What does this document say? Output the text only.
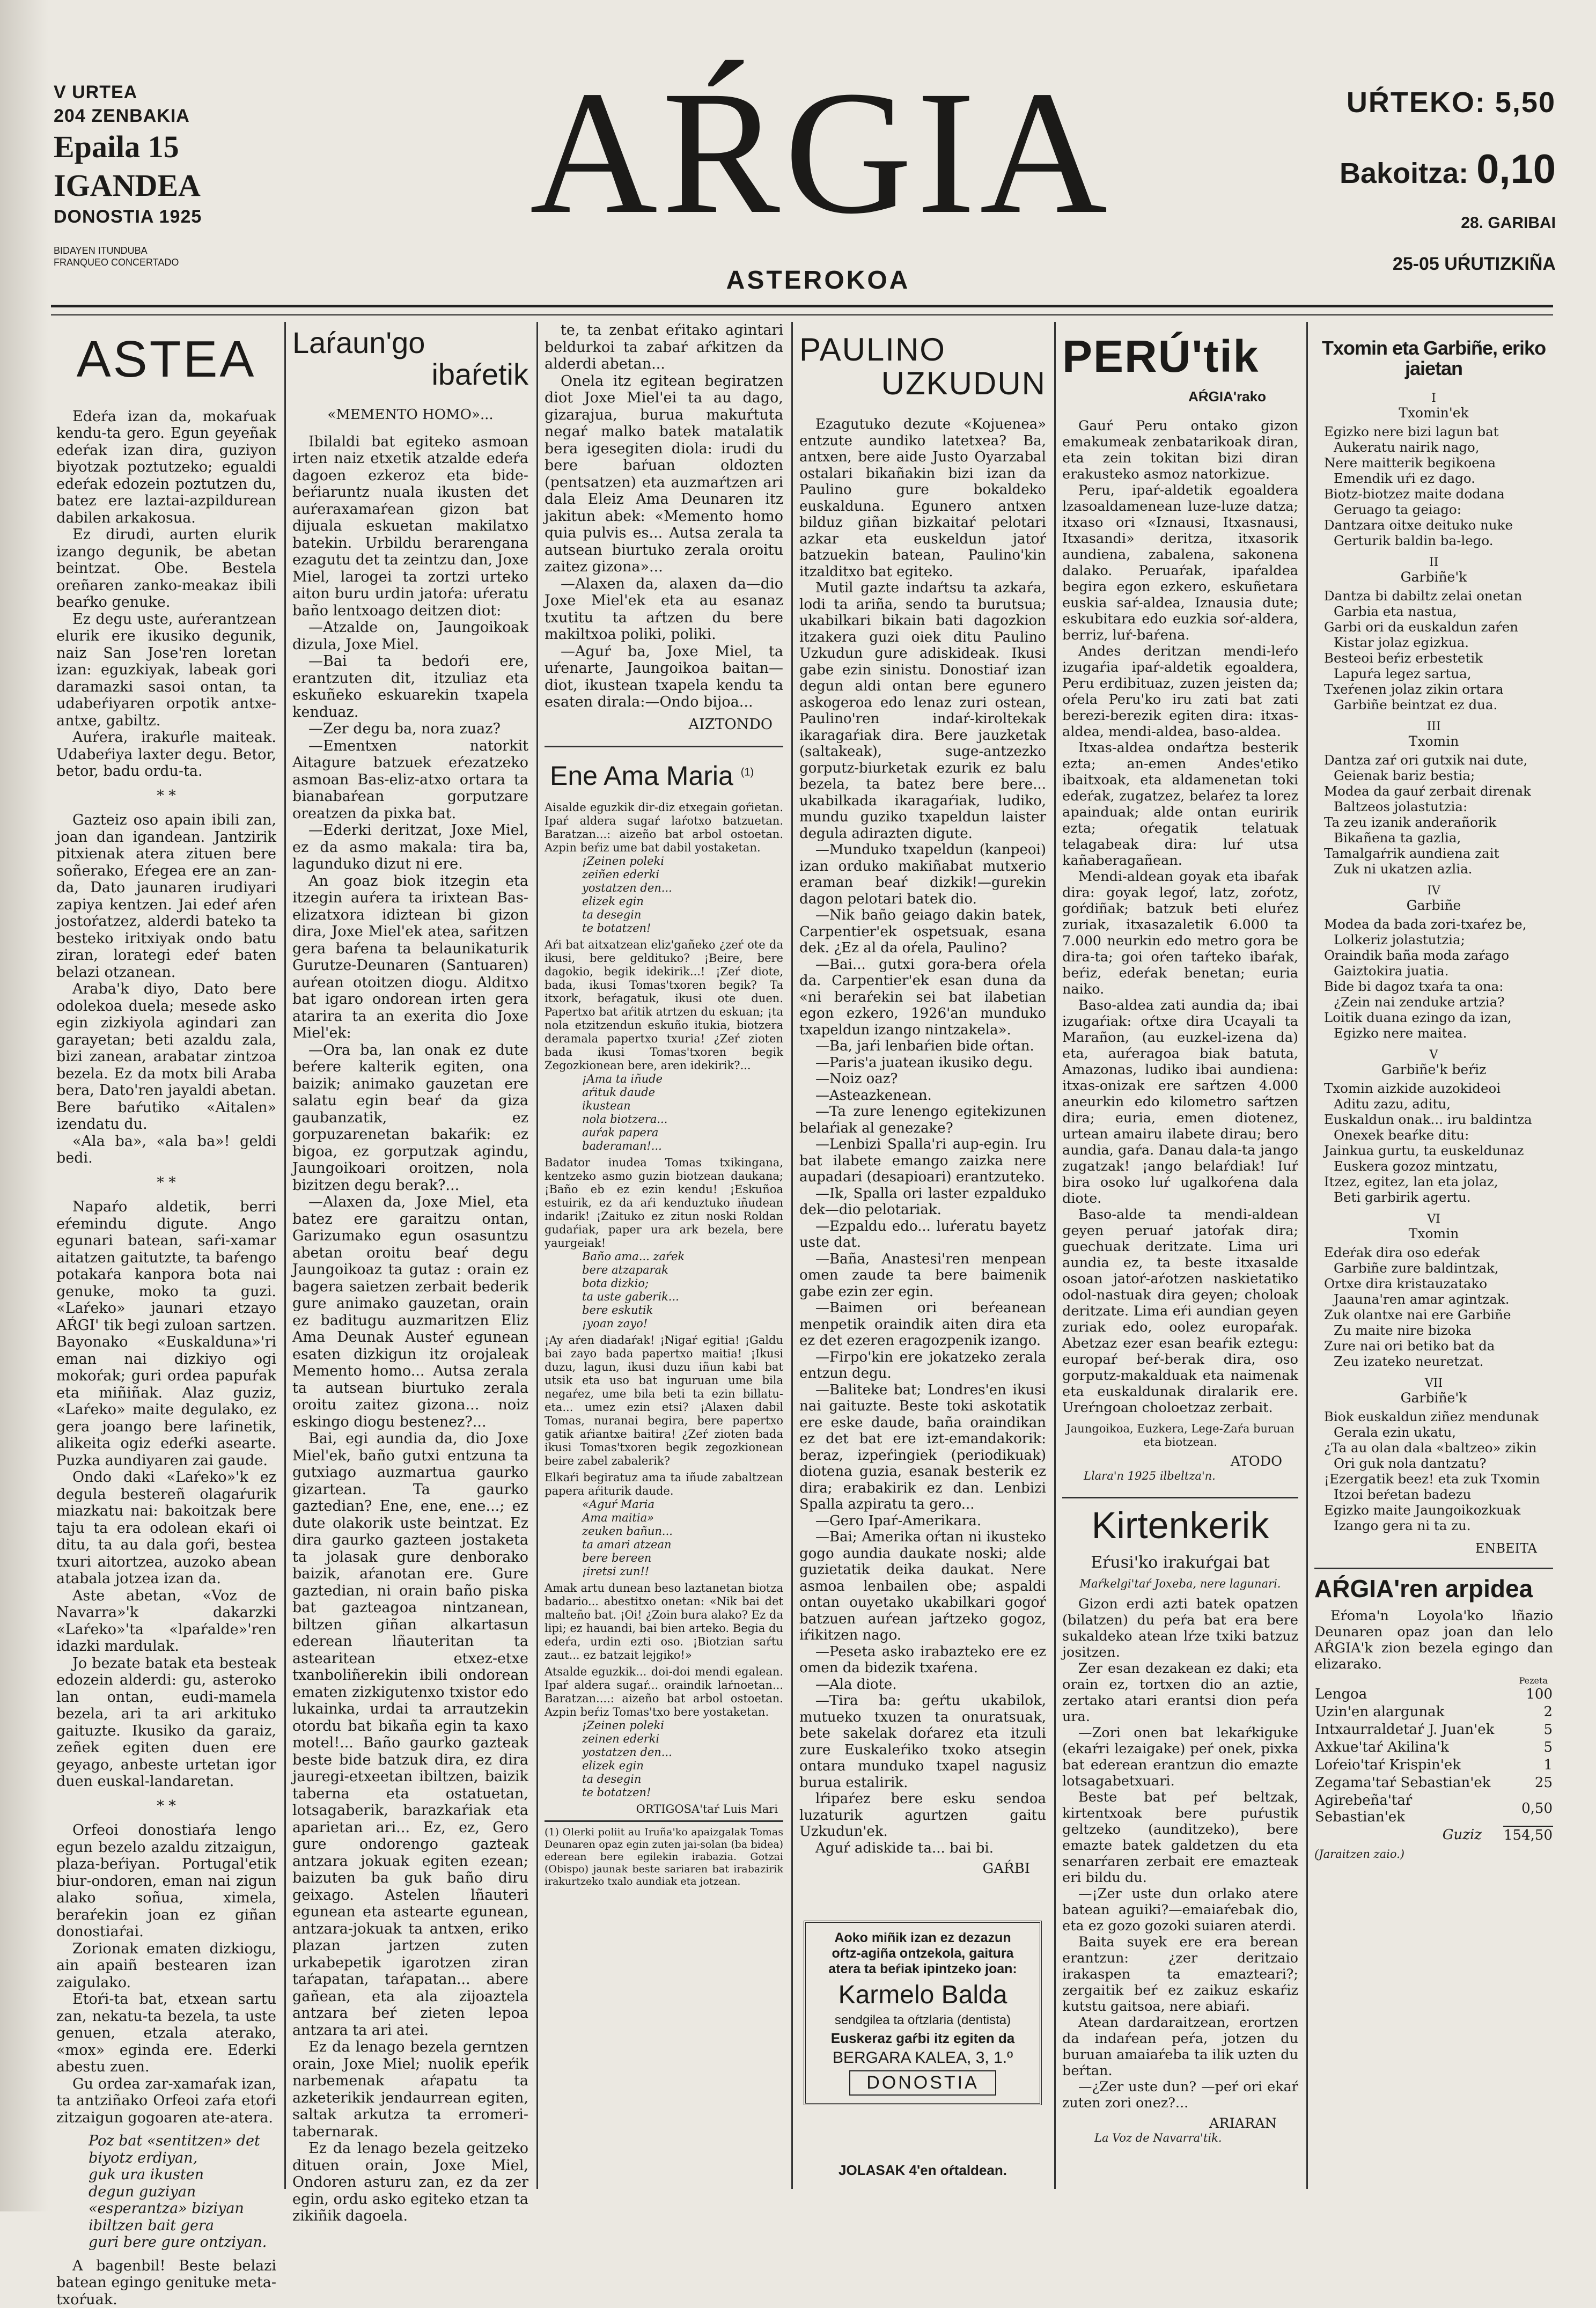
V URTEA
204 ZENBAKIA
Epaila 15
IGANDEA
DONOSTIA 1925
BIDAYEN ITUNDUBA
FRANQUEO CONCERTADO
AŔGIA
ASTEROKOA
UŔTEKO: 5,50
Bakoitza: 0,10
28. GARIBAI
25-05 UŔUTIZKIÑA
ASTEA

Edeŕa izan da, mokaŕuak kendu-ta gero. Egun geyeñak edeŕak izan dira, guziyon biyotzak poztutzeko; egualdi edeŕak edozein poztutzen du, batez ere laztai-azpildurean dabilen arkakosua.

Ez dirudi, aurten elurik izango degunik, be abetan beintzat. Obe. Bestela oreñaren zanko-meakaz ibili beaŕko genuke.

Ez degu uste, auŕerantzean elurik ere ikusiko degunik, naiz San Jose'ren loretan izan: eguzkiyak, labeak gori daramazki sasoi ontan, ta udabeŕiyaren orpotik antxe-antxe, gabiltz.

Auŕera, irakuŕle maiteak. Udabeŕiya laxter degu. Betor, betor, badu ordu-ta.

* *

Gazteiz oso apain ibili zan, joan dan igandean. Jantzirik pitxienak atera zituen bere soñerako, Eŕegea ere an zan-da, Dato jaunaren irudiyari zapiya kentzen. Jai edeŕ aŕen jostoŕatzez, alderdi bateko ta besteko iritxiyak ondo batu ziran, lorategi edeŕ baten belazi otzanean.

Araba'k diyo, Dato bere odolekoa duela; mesede asko egin zizkiyola agindari zan garayetan; beti azaldu zala, bizi zanean, arabatar zintzoa bezela. Ez da motx bili Araba bera, Dato'ren jayaldi abetan. Bere baŕutiko «Aitalen» izendatu du.

«Ala ba», «ala ba»! geldi bedi.

* *

Napaŕo aldetik, berri eŕemindu digute. Ango egunari batean, saŕi-xamar aitatzen gaitutzte, ta baŕengo potakaŕa kanpora bota nai genuke, moko ta guzi. «Laŕeko» jaunari etzayo AŔGI' tik begi zuloan sartzen. Bayonako «Euskalduna»'ri eman nai dizkiyo ogi mokoŕak; guri ordea papuŕak eta miñiñak. Alaz guziz, «Laŕeko» maite degulako, ez gera joango bere laŕinetik, alikeita ogiz edeŕki asearte. Puzka aundiyaren zai gaude.

Ondo daki «Laŕeko»'k ez degula bestereñ olagaŕurik miazkatu nai: bakoitzak bere taju ta era odolean ekaŕi oi ditu, ta au dala goŕi, bestea txuri aitortzea, auzoko abean atabala jotzea izan da.

Aste abetan, «Voz de Navarra»'k dakarzki «Laŕeko»'ta «lpaŕalde»'ren idazki mardulak.

Jo bezate batak eta besteak edozein alderdi: gu, asteroko lan ontan, eudi-mamela bezela, ari ta ari arkituko gaituzte. Ikusiko da garaiz, zeñek egiten duen ere geyago, anbeste urtetan igor duen euskal-landaretan.

* *

Orfeoi donostiaŕa lengo egun bezelo azaldu zitzaigun, plaza-beŕiyan. Portugal'etik biur-ondoren, eman nai zigun alako soñua, ximela, beraŕekin joan ez giñan donostiaŕai.

Zorionak ematen dizkiogu, ain apaiñ bestearen izan zaigulako.

Etoŕi-ta bat, etxean sartu zan, nekatu-ta bezela, ta uste genuen, etzala aterako, «mox» eginda ere. Ederki abestu zuen.

Gu ordea zar-xamaŕak izan, ta antziñako Orfeoi zaŕa etoŕi zitzaigun gogoaren ate-atera.

Poz bat «sentitzen» det
biyotz erdiyan,
guk ura ikusten
degun guziyan
«esperantza» biziyan
ibiltzen bait gera
guri bere gure ontziyan.

A bagenbil! Beste belazi batean egingo genituke meta-txoŕuak.

Laŕaun'go
ibaŕetik
«MEMENTO HOMO»...

Ibilaldi bat egiteko asmoan irten naiz etxetik atzalde edeŕa dagoen ezkeroz eta bide-beŕiaruntz nuala ikusten det auŕeraxamaŕean gizon bat dijuala eskuetan makilatxo batekin. Urbildu berarengana ezagutu det ta zeintzu dan, Joxe Miel, larogei ta zortzi urteko aiton buru urdin jatoŕa: uŕeratu baño lentxoago deitzen diot:

—Atzalde on, Jaungoikoak dizula, Joxe Miel.

—Bai ta bedoŕi ere, erantzuten dit, itzuliaz eta eskuñeko eskuarekin txapela kenduaz.

—Zer degu ba, nora zuaz?

—Ementxen natorkit Aitagure batzuek eŕezatzeko asmoan Bas-eliz-atxo ortara ta bianabaŕean gorputzare oreatzen da pixka bat.

—Ederki deritzat, Joxe Miel, ez da asmo makala: tira ba, lagunduko dizut ni ere.

An goaz biok itzegin eta itzegin auŕera ta irixtean Bas-elizatxora idiztean bi gizon dira, Joxe Miel'ek atea, saŕitzen gera baŕena ta belaunikaturik Gurutze-Deunaren (Santuaren) auŕean otoitzen diogu. Alditxo bat igaro ondorean irten gera atarira ta an exerita dio Joxe Miel'ek:

—Ora ba, lan onak ez dute beŕere kalterik egiten, ona baizik; animako gauzetan ere salatu egin beaŕ da giza gaubanzatik, ez gorpuzarenetan bakaŕik: ez bigoa, ez gorputzak agindu, Jaungoikoari oroitzen, nola bizitzen degu berak?...

—Alaxen da, Joxe Miel, eta batez ere garaitzu ontan, Garizumako egun osasuntzu abetan oroitu beaŕ degu Jaungoikoaz ta gutaz : orain ez bagera saietzen zerbait bederik gure animako gauzetan, orain ez baditugu auzmaritzen Eliz Ama Deunak Austeŕ egunean esaten dizkigun itz orojaleak Memento homo... Autsa zerala ta autsean biurtuko zerala oroitu zaitez gizona... noiz eskingo diogu bestenez?...

Bai, egi aundia da, dio Joxe Miel'ek, baño gutxi entzuna ta gutxiago auzmartua gaurko gizartean. Ta gaurko gaztedian? Ene, ene, ene...; ez dute olakorik uste beintzat. Ez dira gaurko gazteen jostaketa ta jolasak gure denborako baizik, aŕanotan ere. Gure gaztedian, ni orain baño piska bat gazteagoa nintzanean, biltzen giñan alkartasun ederean lñauteritan ta astearitean etxez-etxe txanboliñerekin ibili ondorean ematen zizkigutenxo txistor edo lukainka, urdai ta arrautzekin otordu bat bikaña egin ta kaxo motel!... Baño gaurko gazteak beste bide batzuk dira, ez dira jauregi-etxeetan ibiltzen, baizik taberna eta ostatuetan, lotsagaberik, barazkaŕiak eta aparietan ari... Ez, ez, Gero gure ondorengo gazteak antzara jokuak egiten ezean; baizuten ba guk baño diru geixago. Astelen lñauteri egunean eta astearte egunean, antzara-jokuak ta antxen, eriko plazan jartzen zuten urkabepetik igarotzen ziran taŕapatan, taŕapatan... abere gañean, eta ala zijoaztela antzara beŕ zieten lepoa antzara ta ari atei.

Ez da lenago bezela gerntzen orain, Joxe Miel; nuolik epeŕik narbemenak aŕapatu ta azketerikik jendaurrean egiten, saltak arkutza ta erromeri-tabernarak.

Ez da lenago bezela geitzeko dituen orain, Joxe Miel, Ondoren asturu zan, ez da zer egin, ordu asko egiteko etzan ta zikiñik dagoela.

te, ta zenbat eŕitako agintari beldurkoi ta zabaŕ aŕkitzen da alderdi abetan...

Onela itz egitean begiratzen diot Joxe Miel'ei ta au dago, gizarajua, burua makuŕtuta negaŕ malko batek matalatik bera igesegiten diola: irudi du bere baŕuan oldozten (pentsatzen) eta auzmaŕtzen ari dala Eleiz Ama Deunaren itz jakitun abek: «Memento homo quia pulvis es... Autsa zerala ta autsean biurtuko zerala oroitu zaitez gizona»...

—Alaxen da, alaxen da—dio Joxe Miel'ek eta au esanaz txutitu ta aŕtzen du bere makiltxoa poliki, poliki.

—Aguŕ ba, Joxe Miel, ta uŕenarte, Jaungoikoa baitan—diot, ikustean txapela kendu ta esaten dirala:—Ondo bijoa...

AIZTONDO
Ene Ama Maria $^{(1)}$

Aisalde eguzkik dir-diz etxegain goŕietan. Ipaŕ aldera sugaŕ laŕotxo batzuetan. Baratzan...: aizeño bat arbol ostoetan. Azpin beŕiz ume bat dabil yostaketan.

¡Zeinen poleki
zeiñen ederki
yostatzen den...
elizek egin
ta desegin
te botatzen!

Aŕi bat aitxatzean eliz'gañeko ¿zeŕ ote da ikusi, bere geldituko? ¡Beire, bere dagokio, begik idekirik...! ¡Zeŕ diote, bada, ikusi Tomas'txoren begik? Ta itxork, beŕagatuk, ikusi ote duen. Papertxo bat aŕitik atrtzen du eskuan; ¡ta nola etzitzendun eskuño itukia, biotzera deramala papertxo txuria! ¿Zeŕ zioten bada ikusi Tomas'txoren begik Zegozkionean bere, aren idekirik?...

¡Ama ta iñude
aŕituk daude
ikustean
nola biotzera...
auŕak papera
baderaman!...

Badator inudea Tomas txikingana, kentzeko asmo guzin biotzean daukana; ¡Baño eb ez ezin kendu! ¡Eskuñoa estuirik, ez da aŕi kenduztuko iñudean indarik! ¡Zaituko ez zitun noski Roldan gudaŕiak, paper ura ark bezela, bere yaurgeiak!

Baño ama... zaŕek
bere atzaparak
bota dizkio;
ta uste gaberik...
bere eskutik
¡yoan zayo!

¡Ay aŕen diadaŕak! ¡Nigaŕ egitia! ¡Galdu bai zayo bada papertxo maitia! ¡Ikusi duzu, lagun, ikusi duzu iñun kabi bat utsik eta uso bat inguruan ume bila negaŕez, ume bila beti ta ezin billatu-eta... umez ezin etsi? ¡Alaxen dabil Tomas, nuranai begira, bere papertxo gatik aŕiantxe baitira! ¿Zeŕ zioten bada ikusi Tomas'txoren begik zegozkionean beire zabel zabalerik?

Elkaŕi begiratuz ama ta iñude zabaltzean papera aŕiturik daude.

«Aguŕ Maria
Ama maitia»
zeuken bañun...
ta amari atzean
bere bereen
¡iretsi zun!!

Amak artu dunean beso laztanetan biotza badario... abestitxo onetan: «Nik bai det malteño bat. ¡Oi! ¿Zoin bura alako? Ez da lipi; ez hauandi, bai bien arteko. Begia du edeŕa, urdin ezti oso. ¡Biotzian saŕtu zaut... ez batzait lejgiko!»

Atsalde eguzkik... doi-doi mendi egalean. Ipaŕ aldera sugaŕ... oraindik laŕnoetan... Baratzan....: aizeño bat arbol ostoetan. Azpin beŕiz Tomas'txo bere yostaketan.

¡Zeinen poleki
zeinen ederki
yostatzen den...
elizek egin
ta desegin
te botatzen!
ORTIGOSA'taŕ Luis Mari

(1) Olerki poliit au Iruña'ko apaizgalak Tomas Deunaren opaz egin zuten jai-solan (ba bidea) ederean bere egilekin irabazia. Gotzai (Obispo) jaunak beste sariaren bat irabazirik irakurtzeko txalo aundiak eta jotzean.

PAULINO
UZKUDUN

Ezagutuko dezute «Kojuenea» entzute aundiko latetxea? Ba, antxen, bere aide Justo Oyarzabal ostalari bikañakin bizi izan da Paulino gure bokaldeko euskalduna. Egunero antxen bilduz giñan bizkaitaŕ pelotari azkar eta euskeldun jatoŕ batzuekin batean, Paulino'kin itzalditxo bat egiteko.

Mutil gazte indaŕtsu ta azkaŕa, lodi ta ariña, sendo ta burutsua; ukabilkari bikain bati dagozkion itzakera guzi oiek ditu Paulino Uzkudun gure adiskideak. Ikusi gabe ezin sinistu. Donostiaŕ izan degun aldi ontan bere egunero askogeroa edo lenaz zuri ostean, Paulino'ren indaŕ-kiroltekak ikaragaŕiak dira. Bere jauzketak (saltakeak), suge-antzezko gorputz-biurketak ezurik ez balu bezela, ta batez bere bere... ukabilkada ikaragaŕiak, ludiko, mundu guziko txapeldun laister degula adirazten digute.

—Munduko txapeldun (kanpeoi) izan orduko makiñabat mutxerio eraman beaŕ dizkik!—gurekin dagon pelotari batek dio.

—Nik baño geiago dakin batek, Carpentier'ek ospetsuak, esana dek. ¿Ez al da oŕela, Paulino?

—Bai... gutxi gora-bera oŕela da. Carpentier'ek esan duna da «ni beraŕekin sei bat ilabetian egon ezkero, 1926'an munduko txapeldun izango nintzakela».

—Ba, jaŕi lenbaŕien bide oŕtan.

—Paris'a juatean ikusiko degu.

—Noiz oaz?

—Asteazkenean.

—Ta zure lenengo egitekizunen belaŕiak al genezake?

—Lenbizi Spalla'ri aup-egin. Iru bat ilabete emango zaizka nere aupadari (desapioari) erantzuteko.

—Ik, Spalla ori laster ezpalduko dek—dio pelotariak.

—Ezpaldu edo... luŕeratu bayetz uste dat.

—Baña, Anastesi'ren menpean omen zaude ta bere baimenik gabe ezin zer egin.

—Baimen ori beŕeanean menpetik oraindik aiten dira eta ez det ezeren eragozpenik izango.

—Firpo'kin ere jokatzeko zerala entzun degu.

—Baliteke bat; Londres'en ikusi nai gaituzte. Beste toki askotatik ere eske daude, baña oraindikan ez det bat ere izt-emandakorik: beraz, izpeŕingiek (periodikuak) diotena guzia, esanak besterik ez dira; erabakirik ez dan. Lenbizi Spalla azpiratu ta gero...

—Gero Ipaŕ-Amerikara.

—Bai; Amerika oŕtan ni ikusteko gogo aundia daukate noski; alde guzietatik deika daukat. Nere asmoa lenbailen obe; aspaldi ontan ouyetako ukabilkari gogoŕ batzuen auŕean jaŕtzeko gogoz, iŕikitzen nago.

—Peseta asko irabazteko ere ez omen da bidezik txaŕena.

—Ala diote.

—Tira ba: geŕtu ukabilok, mutueko txuzen ta onuratsuak, bete sakelak doŕarez eta itzuli zure Euskaleŕiko txoko atsegin ontara munduko txapel nagusiz burua estalirik.

lŕipaŕez bere esku sendoa luzaturik agurtzen gaitu Uzkudun'ek.

Aguŕ adiskide ta... bai bi.

GAŔBI
Aoko miñik izan ez dezazun
oŕtz-agiña ontzekola, gaitura
atera ta beŕiak ipintzeko joan:
Karmelo Balda
sendgilea ta oŕtzlaria (dentista)
Euskeraz gaŕbi itz egiten da
BERGARA KALEA, 3, 1.º
DONOSTIA
JOLASAK 4'en oŕtaldean.
PERÚ'tik
AŔGIA'rako

Gauŕ Peru ontako gizon emakumeak zenbatarikoak diran, eta zein tokitan bizi diran erakusteko asmoz natorkizue.

Peru, ipaŕ-aldetik egoaldera lzasoaldamenean luze-luze datza; itxaso ori «Iznausi, Itxasnausi, Itxasandi» deritza, itxasorik aundiena, zabalena, sakonena dalako. Peruaŕak, ipaŕaldea begira egon ezkero, eskuñetara euskia saŕ-aldea, Iznausia dute; eskubitara edo euzkia soŕ-aldera, berriz, luŕ-baŕena.

Andes deritzan mendi-leŕo izugaŕia ipaŕ-aldetik egoaldera, Peru erdibituaz, zuzen jeisten da; oŕela Peru'ko iru zati bat zati berezi-berezik egiten dira: itxas-aldea, mendi-aldea, baso-aldea.

Itxas-aldea ondaŕtza besterik ezta; an-emen Andes'etiko ibaitxoak, eta aldamenetan toki edeŕak, zugatzez, belaŕez ta lorez apainduak; alde ontan euririk ezta; oŕegatik telatuak telagabeak dira: luŕ utsa kañaberagañean.

Mendi-aldean goyak eta ibaŕak dira: goyak legoŕ, latz, zoŕotz, goŕdiñak; batzuk beti eluŕez zuriak, itxasazaletik 6.000 ta 7.000 neurkin edo metro gora be dira-ta; goi oŕen taŕteko ibaŕak, beŕiz, edeŕak benetan; euria naiko.

Baso-aldea zati aundia da; ibai izugaŕiak: oŕtxe dira Ucayali ta Marañon, (au euzkel-izena da) eta, auŕeragoa biak batuta, Amazonas, ludiko ibai aundiena: itxas-onizak ere saŕtzen 4.000 aneurkin edo kilometro saŕtzen dira; euria, emen diotenez, urtean amairu ilabete dirau; bero aundia, gaŕa. Danau dala-ta jango zugatzak! ¡ango belaŕdiak! Iuŕ bira osoko luŕ ugalkoŕena dala diote.

Baso-alde ta mendi-aldean geyen peruaŕ jatoŕak dira; guechuak deritzate. Lima uri aundia ez, ta beste itxasalde osoan jatoŕ-aŕotzen naskietatiko odol-nastuak dira geyen; choloak deritzate. Lima eŕi aundian geyen zuriak edo, oolez europaŕak. Abetzaz ezer esan beaŕik eztegu: europaŕ beŕ-berak dira, oso gorputz-makalduak eta naimenak eta euskaldunak diralarik ere. Ureŕngoan choloetzaz zerbait.

Jaungoikoa, Euzkera, Lege-Zaŕa buruan eta biotzean.
ATODO
Llara'n 1925 ilbeltza'n.
Kirtenkerik
Eŕusi'ko irakuŕgai bat
Maŕkelgi'taŕ Joxeba, nere lagunari.

Gizon erdi azti batek opatzen (bilatzen) du peŕa bat era bere sukaldeko atean lŕze txiki batzuz jositzen.

Zer esan dezakean ez daki; eta orain ez, tortxen dio an aztie, zertako atari erantsi dion peŕa ura.

—Zori onen bat lekaŕkiguke (ekaŕri lezaigake) peŕ onek, pixka bat ederean erantzun dio emazte lotsagabetxuari.

Beste bat peŕ beltzak, kirtentxoak bere puŕustik geltzeko (aunditzeko), bere emazte batek galdetzen du eta senarŕaren zerbait ere emazteak eri bildu du.

—¡Zer uste dun orlako atere batean aguiki?—emaiaŕebak dio, eta ez gozo gozoki suiaren aterdi.

Baita suyek ere era berean erantzun: ¿zer deritzaio irakaspen ta emazteari?; zergaitik beŕ ez zaikuz eskaŕiz kutstu gaitsoa, nere abiaŕi.

Atean dardaraitzean, erortzen da indaŕean peŕa, jotzen du buruan amaiaŕeba ta ilik uzten du beŕtan.

—¿Zer uste dun? —peŕ ori ekaŕ zuten zori onez?...

ARIARAN
La Voz de Navarra'tik.
Txomin eta Garbiñe, eriko jaietan
I
Txomin'ek
Egizko nere bizi lagun bat
Aukeratu nairik nago,
Nere maitterik begikoena
Emendik uŕi ez dago.
Biotz-biotzez maite dodana
Geruago ta geiago:
Dantzara oitxe deituko nuke
Gerturik baldin ba-lego.
II
Garbiñe'k
Dantza bi dabiltz zelai onetan
Garbia eta nastua,
Garbi ori da euskaldun zaŕen
Kistar jolaz egizkua.
Besteoi beŕiz erbestetik
Lapuŕa legez sartua,
Txeŕenen jolaz zikin ortara
Garbiñe beintzat ez dua.
III
Txomin
Dantza zaŕ ori gutxik nai dute,
Geienak bariz bestia;
Modea da gauŕ zerbait direnak
Baltzeos jolastutzia:
Ta zeu izanik anderañorik
Bikañena ta gazlia,
Tamalgaŕrik aundiena zait
Zuk ni ukatzen azlia.
IV
Garbiñe
Modea da bada zori-txaŕez be,
Lolkeriz jolastutzia;
Oraindik baña moda zaŕago
Gaiztokira juatia.
Bide bi dagoz txaŕa ta ona:
¿Zein nai zenduke artzia?
Loitik duana ezingo da izan,
Egizko nere maitea.
V
Garbiñe'k beŕiz
Txomin aizkide auzokideoi
Aditu zazu, aditu,
Euskaldun onak... iru baldintza
Onexek beaŕke ditu:
Jainkua gurtu, ta euskeldunaz
Euskera gozoz mintzatu,
Itzez, egitez, lan eta jolaz,
Beti garbirik agertu.
VI
Txomin
Edeŕak dira oso edeŕak
Garbiñe zure baldintzak,
Ortxe dira kristauzatako
Jaauna'ren amar agintzak.
Zuk olantxe nai ere Garbiñe
Zu maite nire bizoka
Zure nai ori betiko bat da
Zeu izateko neuretzat.
VII
Garbiñe'k
Biok euskaldun ziñez mendunak
Gerala ezin ukatu,
¿Ta au olan dala «baltzeo» zikin
Ori guk nola dantzatu?
¡Ezergatik beez! eta zuk Txomin
Itzoi beŕetan badezu
Egizko maite Jaungoikozkuak
Izango gera ni ta zu.
ENBEITA
AŔGIA'ren arpidea

Eŕoma'n Loyola'ko lñazio Deunaren opaz joan dan lelo AŔGIA'k zion bezela egingo dan elizarako.

Pezeta
Lengoa	100
Uzin'en alargunak	2
Intxaurraldetaŕ J. Juan'ek	5
Axkue'taŕ Akilina'k	5
Loŕeio'taŕ Krispin'ek	1
Zegama'taŕ Sebastian'ek	25
Agirebeña'taŕ Sebastian'ek	0,50
Guziz	154,50
(Jaraitzen zaio.)
